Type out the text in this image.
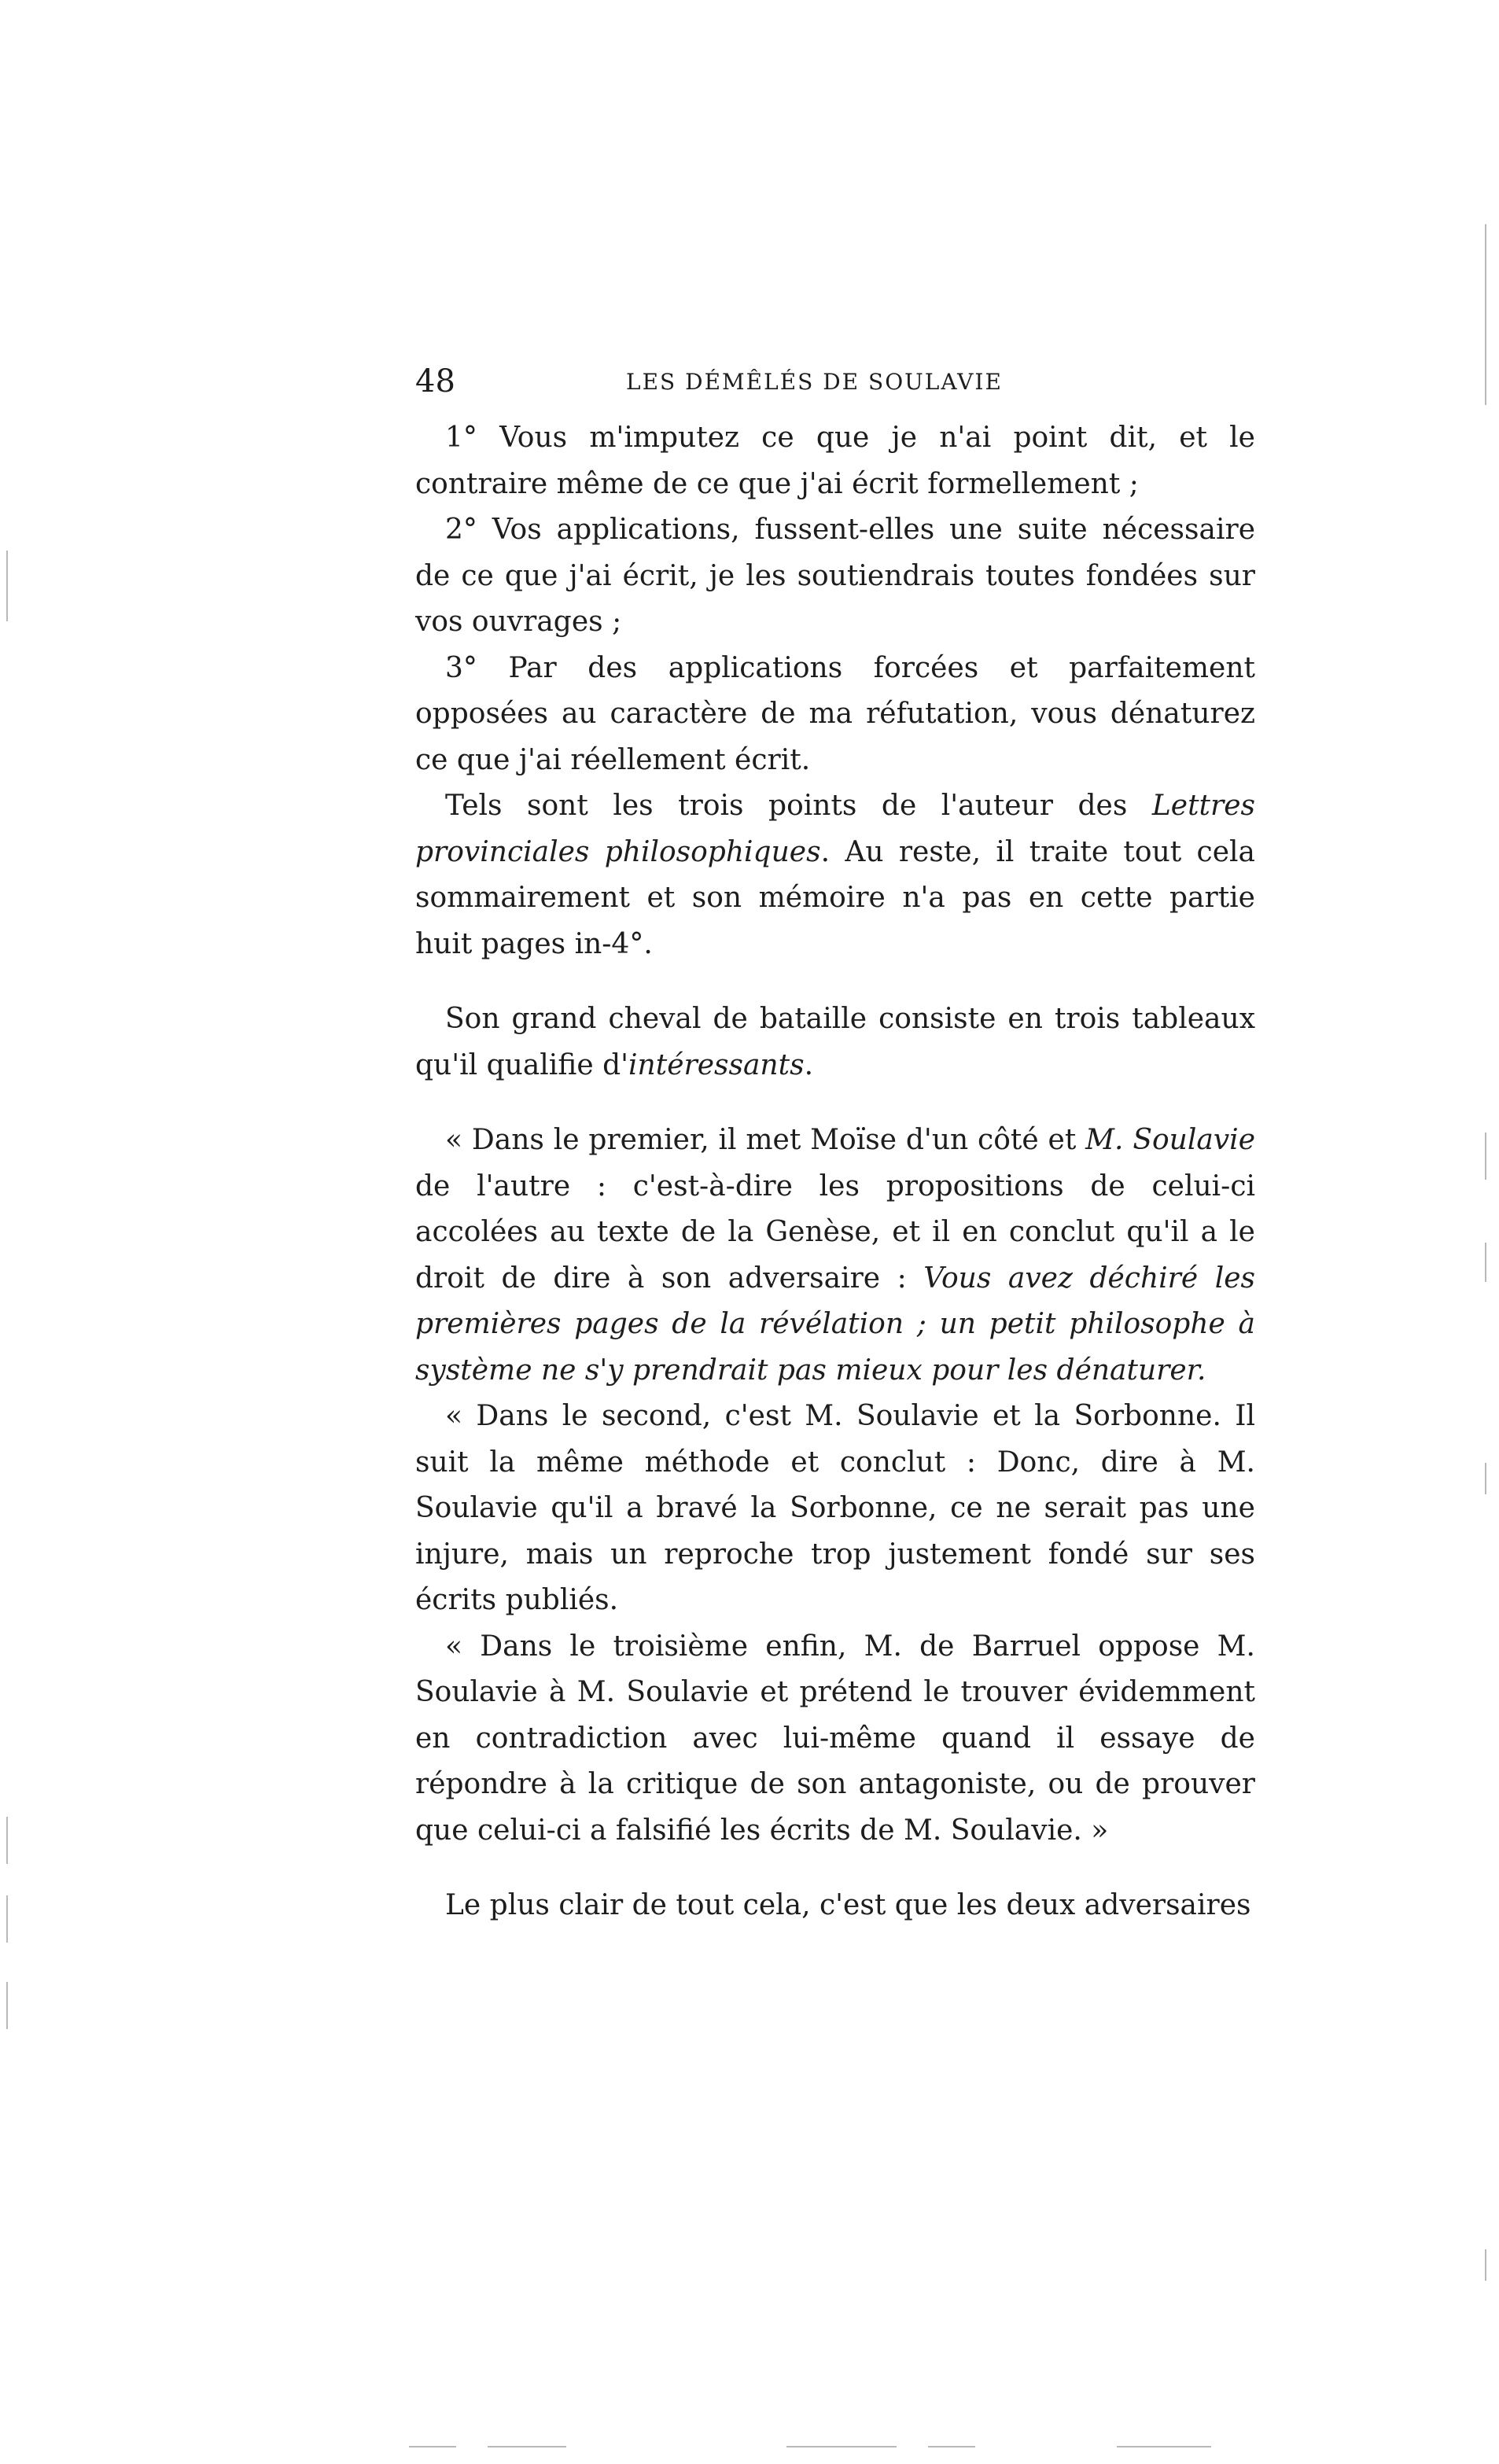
48	LES DÉMÊLÉS DE SOULAVIE

1° Vous m'imputez ce que je n'ai point dit, et le contraire même de ce que j'ai écrit formellement ;

2° Vos applications, fussent-elles une suite nécessaire de ce que j'ai écrit, je les soutiendrais toutes fondées sur vos ouvrages ;

3° Par des applications forcées et parfaitement opposées au caractère de ma réfutation, vous dénaturez ce que j'ai réellement écrit.

Tels sont les trois points de l'auteur des Lettres provinciales philosophiques. Au reste, il traite tout cela sommairement et son mémoire n'a pas en cette partie huit pages in-4°.

Son grand cheval de bataille consiste en trois tableaux qu'il qualifie d'intéressants.

« Dans le premier, il met Moïse d'un côté et M. Soulavie de l'autre : c'est-à-dire les propositions de celui-ci accolées au texte de la Genèse, et il en conclut qu'il a le droit de dire à son adversaire : Vous avez déchiré les premières pages de la révélation ; un petit philosophe à système ne s'y prendrait pas mieux pour les dénaturer.

« Dans le second, c'est M. Soulavie et la Sorbonne. Il suit la même méthode et conclut : Donc, dire à M. Soulavie qu'il a bravé la Sorbonne, ce ne serait pas une injure, mais un reproche trop justement fondé sur ses écrits publiés.

« Dans le troisième enfin, M. de Barruel oppose M. Soulavie à M. Soulavie et prétend le trouver évidemment en contradiction avec lui-même quand il essaye de répondre à la critique de son antagoniste, ou de prouver que celui-ci a falsifié les écrits de M. Soulavie. »

Le plus clair de tout cela, c'est que les deux adversaires
